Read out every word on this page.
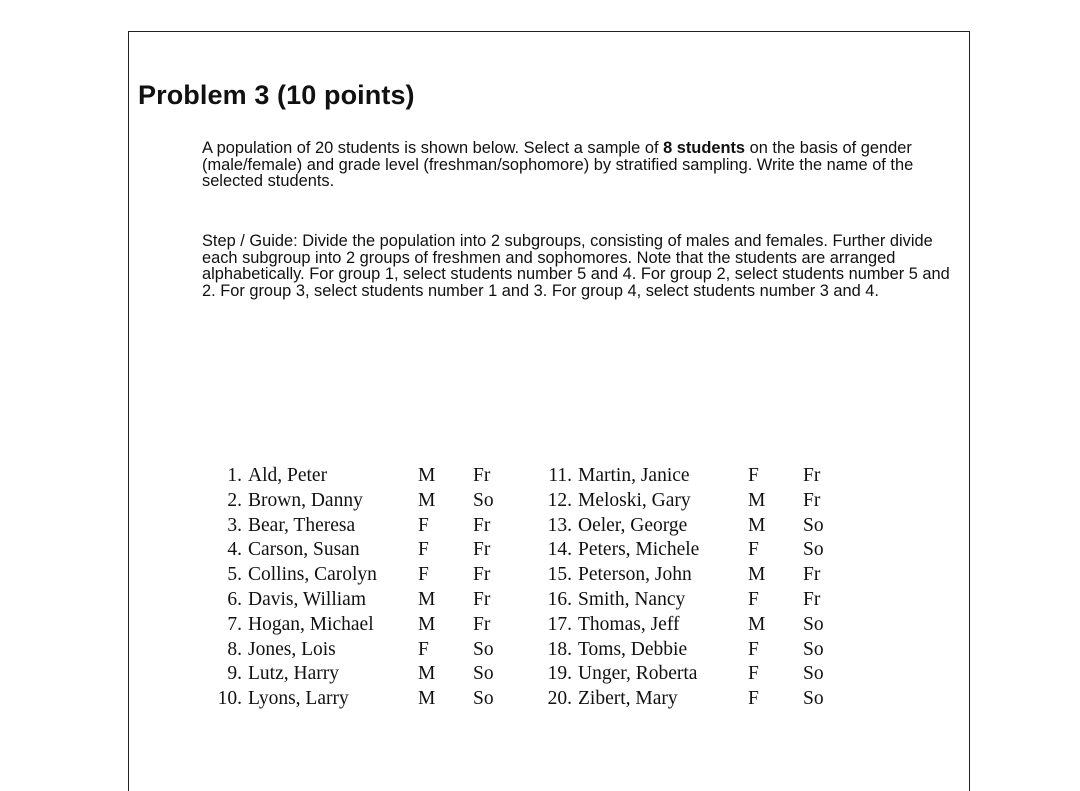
Problem 3 (10 points)

A population of 20 students is shown below. Select a sample of 8 students on the basis of gender (male/female) and grade level (freshman/sophomore) by stratified sampling. Write the name of the selected students.

Step / Guide: Divide the population into 2 subgroups, consisting of males and females. Further divide each subgroup into 2 groups of freshmen and sophomores. Note that the students are arranged alphabetically. For group 1, select students number 5 and 4. For group 2, select students number 5 and 2. For group 3, select students number 1 and 3. For group 4, select students number 3 and 4.

1. Ald, Peter	M	Fr
2. Brown, Danny	M	So
3. Bear, Theresa	F	Fr
4. Carson, Susan	F	Fr
5. Collins, Carolyn	F	Fr
6. Davis, William	M	Fr
7. Hogan, Michael	M	Fr
8. Jones, Lois	F	So
9. Lutz, Harry	M	So
10. Lyons, Larry	M	So
11. Martin, Janice	F	Fr
12. Meloski, Gary	M	Fr
13. Oeler, George	M	So
14. Peters, Michele	F	So
15. Peterson, John	M	Fr
16. Smith, Nancy	F	Fr
17. Thomas, Jeff	M	So
18. Toms, Debbie	F	So
19. Unger, Roberta	F	So
20. Zibert, Mary	F	So
